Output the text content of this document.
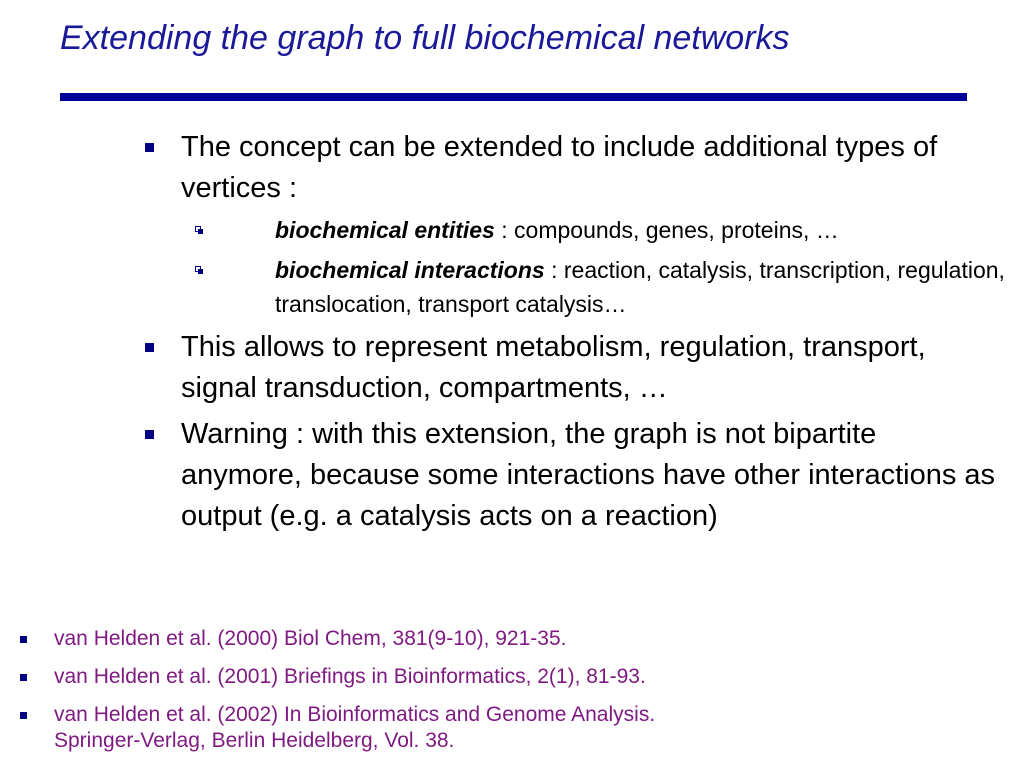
Extending the graph to full biochemical networks
The concept can be extended to include additional types of vertices :
biochemical entities : compounds, genes, proteins, …
biochemical interactions : reaction, catalysis, transcription, regulation, translocation, transport catalysis…
This allows to represent metabolism, regulation, transport, signal transduction, compartments, …
Warning : with this extension, the graph is not bipartite anymore, because some interactions have other interactions as output (e.g. a catalysis acts on a reaction)
van Helden et al. (2000) Biol Chem, 381(9-10), 921-35.
van Helden et al. (2001) Briefings in Bioinformatics, 2(1), 81-93.
van Helden et al. (2002) In Bioinformatics and Genome Analysis.
Springer-Verlag, Berlin Heidelberg, Vol. 38.
